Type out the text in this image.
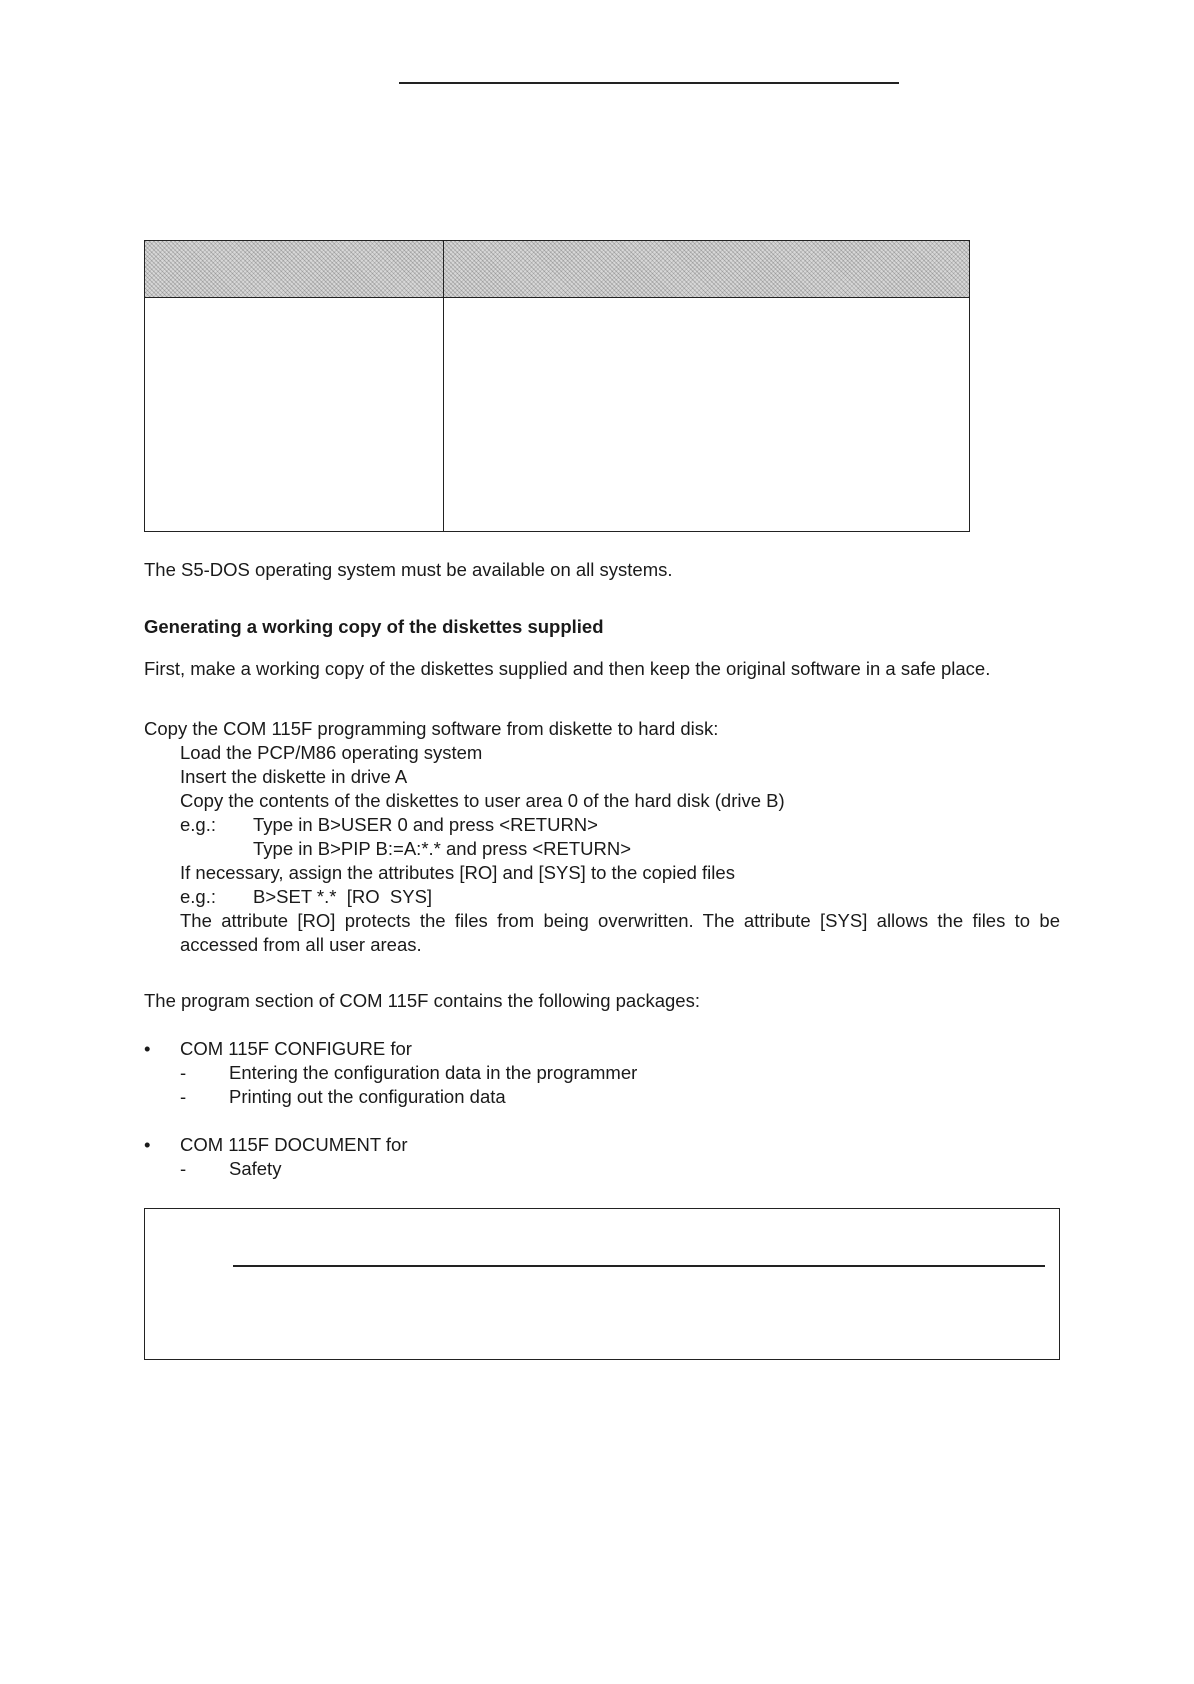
The S5-DOS operating system must be available on all systems.

Generating a working copy of the diskettes supplied

First, make a working copy of the diskettes supplied and then keep the original software in a safe place.

Copy the COM 115F programming software from diskette to hard disk:

Load the PCP/M86 operating system

Insert the diskette in drive A

Copy the contents of the diskettes to user area 0 of the hard disk (drive B)

e.g.: Type in B>USER 0 and press <RETURN>

Type in B>PIP B:=A:*.* and press <RETURN>

If necessary, assign the attributes [RO] and [SYS] to the copied files

e.g.: B>SET *.*  [RO  SYS]

The attribute [RO] protects the files from being overwritten. The attribute [SYS] allows the files to be accessed from all user areas.

The program section of COM 115F contains the following packages:

• COM 115F CONFIGURE for
- Entering the configuration data in the programmer
- Printing out the configuration data
• COM 115F DOCUMENT for
- Safety
